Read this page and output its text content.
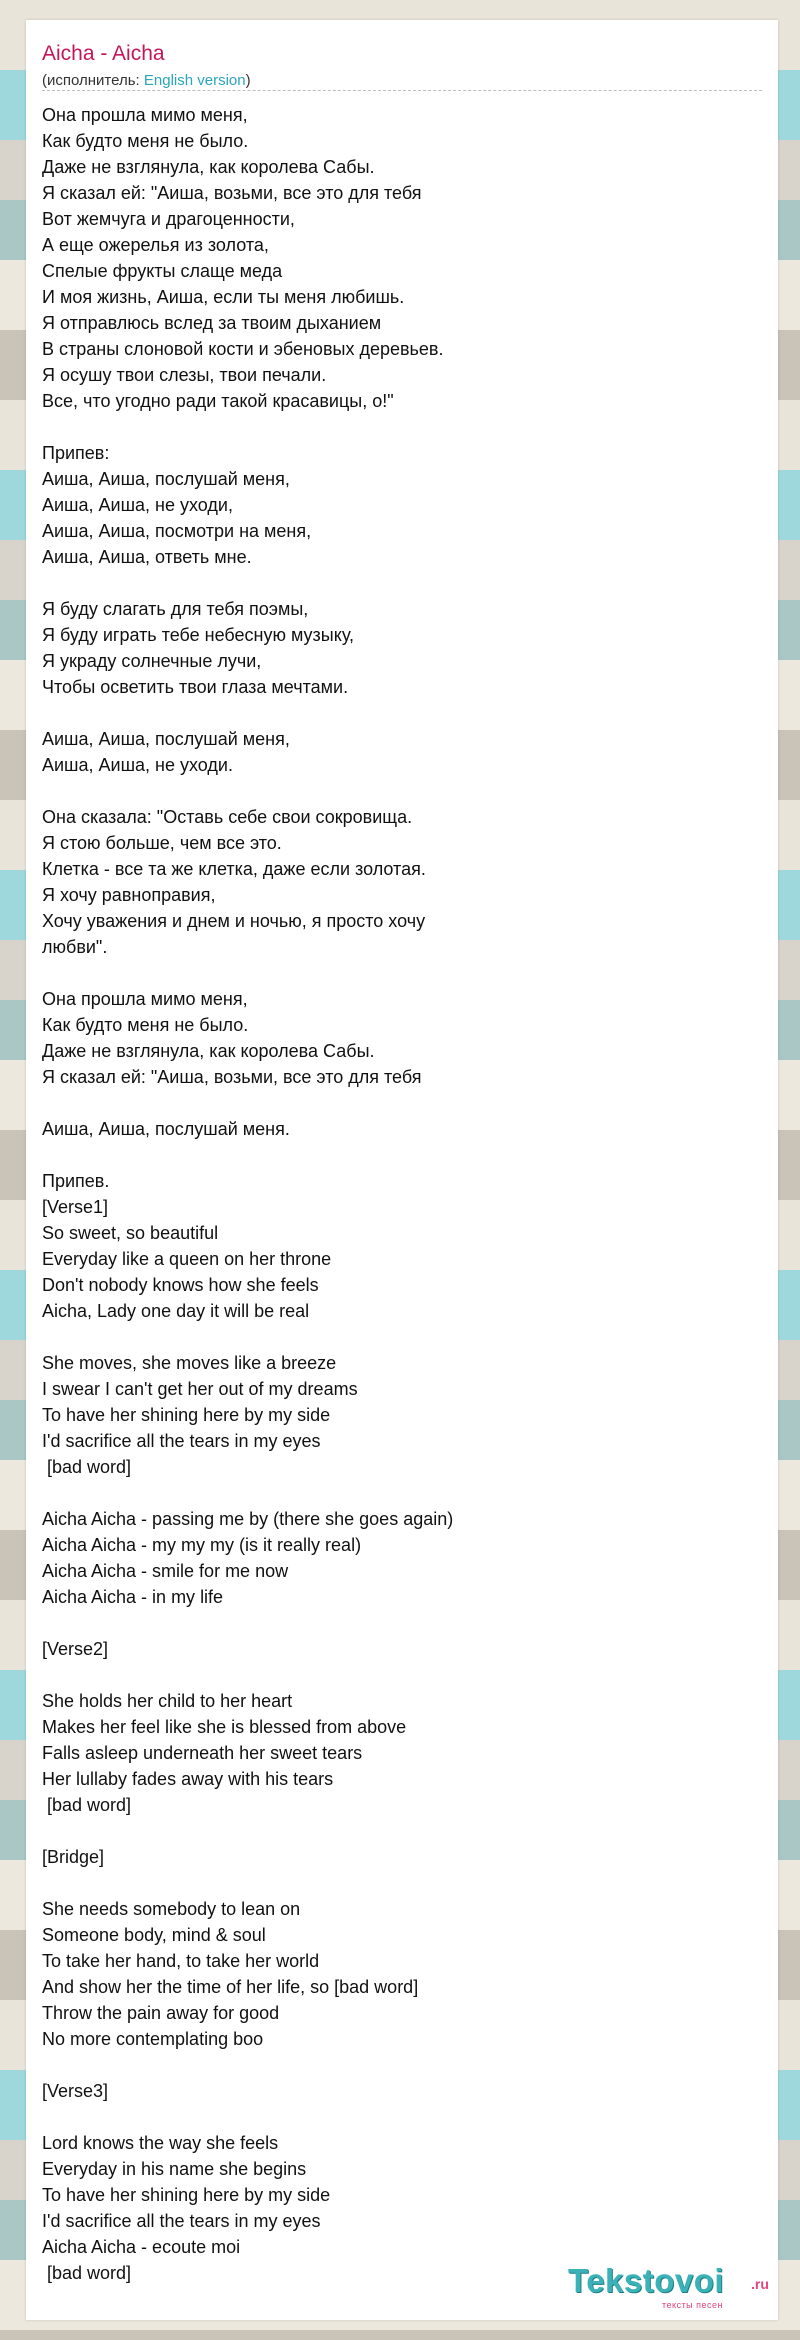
Aicha - Aicha
(исполнитель: English version)
Она прошла мимо меня,
Как будто меня не было.
Даже не взглянула, как королева Сабы.
Я сказал ей: "Аиша, возьми, все это для тебя
Вот жемчуга и драгоценности,
А еще ожерелья из золота,
Спелые фрукты слаще меда
И моя жизнь, Аиша, если ты меня любишь.
Я отправлюсь вслед за твоим дыханием
В страны слоновой кости и эбеновых деревьев.
Я осушу твои слезы, твои печали.
Все, что угодно ради такой красавицы, о!"
Припев:
Аиша, Аиша, послушай меня,
Аиша, Аиша, не уходи,
Аиша, Аиша, посмотри на меня,
Аиша, Аиша, ответь мне.
Я буду слагать для тебя поэмы,
Я буду играть тебе небесную музыку,
Я украду солнечные лучи,
Чтобы осветить твои глаза мечтами.
Аиша, Аиша, послушай меня,
Аиша, Аиша, не уходи.
Она сказала: "Оставь себе свои сокровища.
Я стою больше, чем все это.
Клетка - все та же клетка, даже если золотая.
Я хочу равноправия,
Хочу уважения и днем и ночью, я просто хочу
любви".
Она прошла мимо меня,
Как будто меня не было.
Даже не взглянула, как королева Сабы.
Я сказал ей: "Аиша, возьми, все это для тебя
Аиша, Аиша, послушай меня.
Припев.
[Verse1]
So sweet, so beautiful
Everyday like a queen on her throne
Don't nobody knows how she feels
Aicha, Lady one day it will be real
She moves, she moves like a breeze
I swear I can't get her out of my dreams
To have her shining here by my side
I'd sacrifice all the tears in my eyes
[bad word]
Aicha Aicha - passing me by (there she goes again)
Aicha Aicha - my my my (is it really real)
Aicha Aicha - smile for me now
Aicha Aicha - in my life
[Verse2]
She holds her child to her heart
Makes her feel like she is blessed from above
Falls asleep underneath her sweet tears
Her lullaby fades away with his tears
[bad word]
[Bridge]
She needs somebody to lean on
Someone body, mind & soul
To take her hand, to take her world
And show her the time of her life, so [bad word]
Throw the pain away for good
No more contemplating boo
[Verse3]
Lord knows the way she feels
Everyday in his name she begins
To have her shining here by my side
I'd sacrifice all the tears in my eyes
Aicha Aicha - ecoute moi
[bad word]	Tekstovoi .ru
тексты песен
